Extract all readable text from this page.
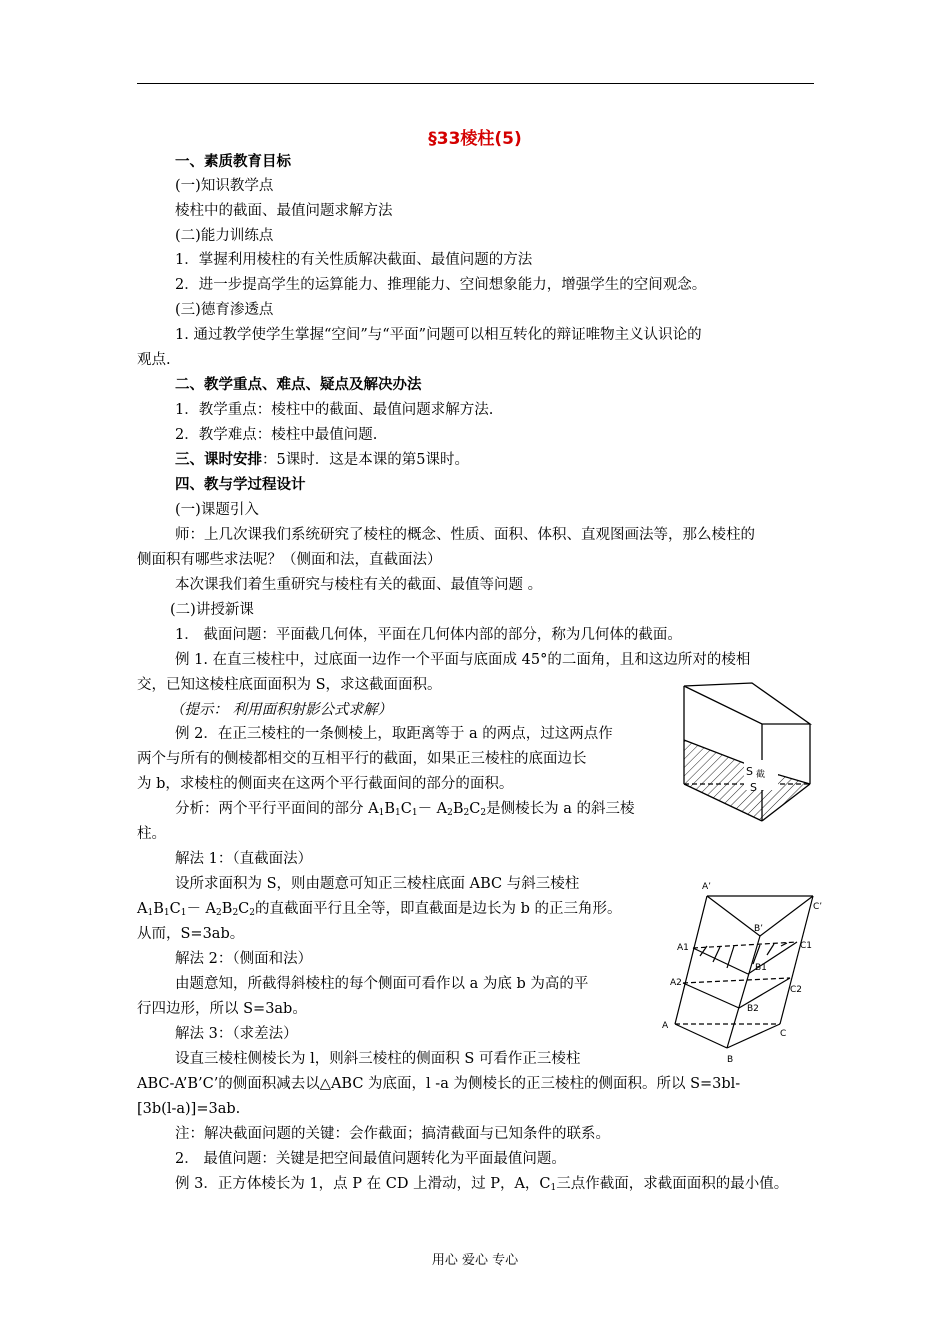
§33棱柱(5)
一、素质教育目标
(一)知识教学点
棱柱中的截面、最值问题求解方法
(二)能力训练点
1．掌握利用棱柱的有关性质解决截面、最值问题的方法
2．进一步提高学生的运算能力、推理能力、空间想象能力，增强学生的空间观念。
(三)德育渗透点
1. 通过教学使学生掌握“空间”与“平面”问题可以相互转化的辩证唯物主义认识论的
观点.
二、教学重点、难点、疑点及解决办法
1．教学重点：棱柱中的截面、最值问题求解方法.
2．教学难点：棱柱中最值问题.
三、课时安排：5课时．这是本课的第5课时。
四、教与学过程设计
(一)课题引入
师：上几次课我们系统研究了棱柱的概念、性质、面积、体积、直观图画法等，那么棱柱的
侧面积有哪些求法呢？（侧面和法，直截面法）
本次课我们着生重研究与棱柱有关的截面、最值等问题 。
(二)讲授新课
1． 截面问题：平面截几何体，平面在几何体内部的部分，称为几何体的截面。
例 1. 在直三棱柱中，过底面一边作一个平面与底面成 45°的二面角，且和这边所对的棱相
交，已知这棱柱底面面积为 S，求这截面面积。
（提示： 利用面积射影公式求解）
例 2．在正三棱柱的一条侧棱上，取距离等于 a 的两点，过这两点作
两个与所有的侧棱都相交的互相平行的截面，如果正三棱柱的底面边长
为 b，求棱柱的侧面夹在这两个平行截面间的部分的面积。
分析：两个平行平面间的部分 $A_1B_1C_1- A_2B_2C_2$是侧棱长为 a 的斜三棱
柱。
解法 1：（直截面法）
设所求面积为 S，则由题意可知正三棱柱底面 ABC 与斜三棱柱
$A_1B_1C_1- A_2B_2C_2$的直截面平行且全等，即直截面是边长为 b 的正三角形。
从而，S=3ab。
解法 2：（侧面和法）
由题意知，所截得斜棱柱的每个侧面可看作以 a 为底 b 为高的平
行四边形，所以 S=3ab。
解法 3：（求差法）
设直三棱柱侧棱长为 l，则斜三棱柱的侧面积 S 可看作正三棱柱
ABC-A’B’C’的侧面积减去以△ABC 为底面，l -a 为侧棱长的正三棱柱的侧面积。所以 S=3bl-
[3b(l-a)]=3ab.
注：解决截面问题的关键：会作截面；搞清截面与已知条件的联系。
2． 最值问题：关键是把空间最值问题转化为平面最值问题。
例 3．正方体棱长为 1，点 P 在 CD 上滑动，过 P，A，$C_1$三点作截面，求截面面积的最小值。
S 截
S
A’
B’
C’
A1
B1
C1
A2
B2
C2
A
B
C
用心 爱心 专心
